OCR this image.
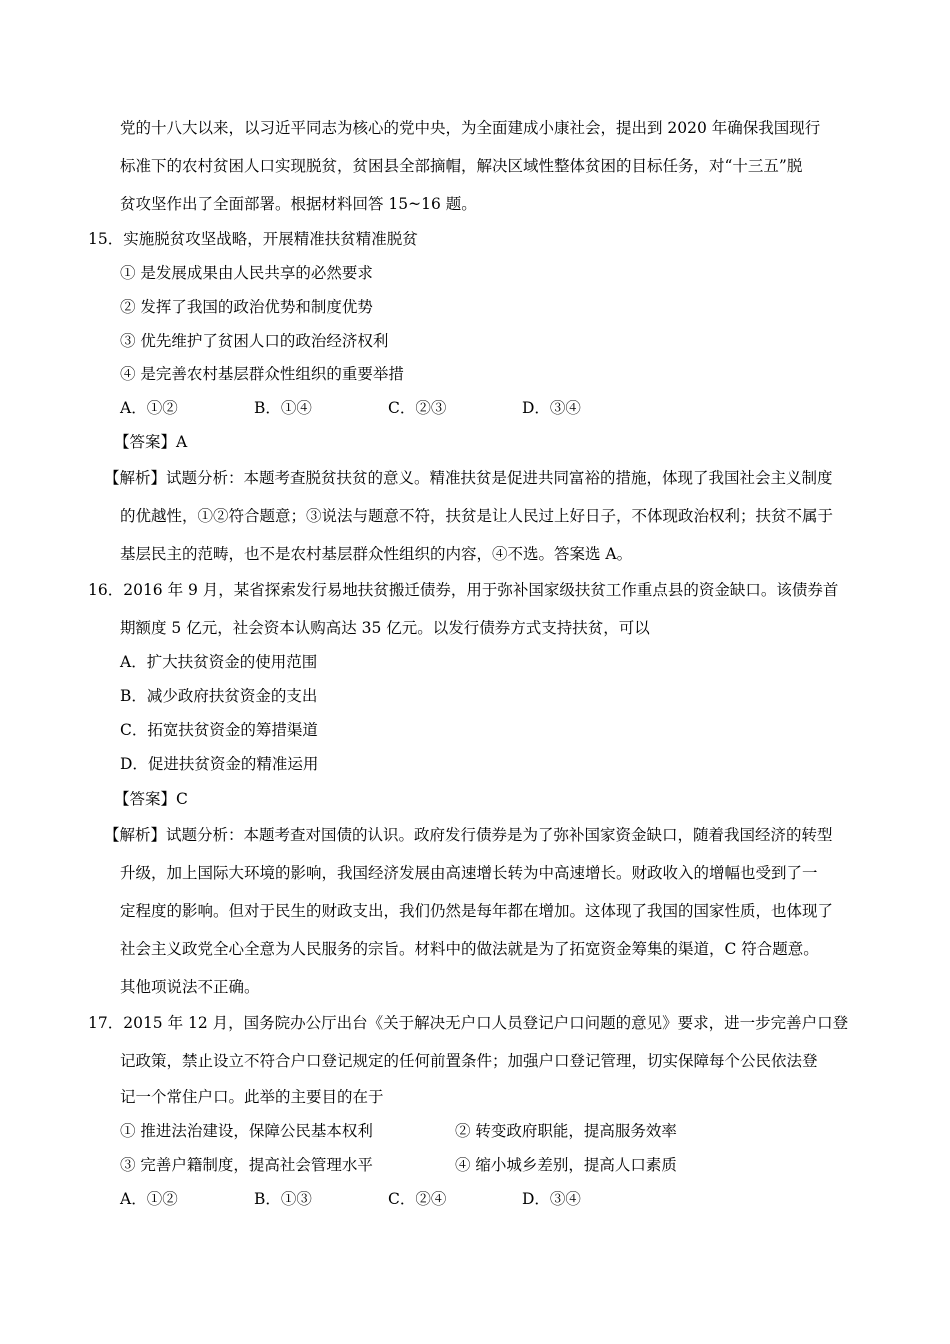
党的十八大以来，以习近平同志为核心的党中央，为全面建成小康社会，提出到 2020 年确保我国现行
标准下的农村贫困人口实现脱贫，贫困县全部摘帽，解决区域性整体贫困的目标任务，对“十三五”脱
贫攻坚作出了全面部署。根据材料回答 15~16 题。
15．实施脱贫攻坚战略，开展精准扶贫精准脱贫
① 是发展成果由人民共享的必然要求
② 发挥了我国的政治优势和制度优势
③ 优先维护了贫困人口的政治经济权利
④ 是完善农村基层群众性组织的重要举措
A．①②	B．①④	C．②③	D．③④
【答案】A
【解析】试题分析：本题考查脱贫扶贫的意义。精准扶贫是促进共同富裕的措施，体现了我国社会主义制度
的优越性，①②符合题意；③说法与题意不符，扶贫是让人民过上好日子，不体现政治权利；扶贫不属于
基层民主的范畴，也不是农村基层群众性组织的内容，④不选。答案选 A。
16．2016 年 9 月，某省探索发行易地扶贫搬迁债券，用于弥补国家级扶贫工作重点县的资金缺口。该债券首
期额度 5 亿元，社会资本认购高达 35 亿元。以发行债券方式支持扶贫，可以
A．扩大扶贫资金的使用范围
B．减少政府扶贫资金的支出
C．拓宽扶贫资金的筹措渠道
D．促进扶贫资金的精准运用
【答案】C
【解析】试题分析：本题考查对国债的认识。政府发行债券是为了弥补国家资金缺口，随着我国经济的转型
升级，加上国际大环境的影响，我国经济发展由高速增长转为中高速增长。财政收入的增幅也受到了一
定程度的影响。但对于民生的财政支出，我们仍然是每年都在增加。这体现了我国的国家性质，也体现了
社会主义政党全心全意为人民服务的宗旨。材料中的做法就是为了拓宽资金筹集的渠道，C 符合题意。
其他项说法不正确。
17．2015 年 12 月，国务院办公厅出台《关于解决无户口人员登记户口问题的意见》要求，进一步完善户口登
记政策，禁止设立不符合户口登记规定的任何前置条件；加强户口登记管理，切实保障每个公民依法登
记一个常住户口。此举的主要目的在于
① 推进法治建设，保障公民基本权利	② 转变政府职能，提高服务效率
③ 完善户籍制度，提高社会管理水平	④ 缩小城乡差别，提高人口素质
A．①②	B．①③	C．②④	D．③④
